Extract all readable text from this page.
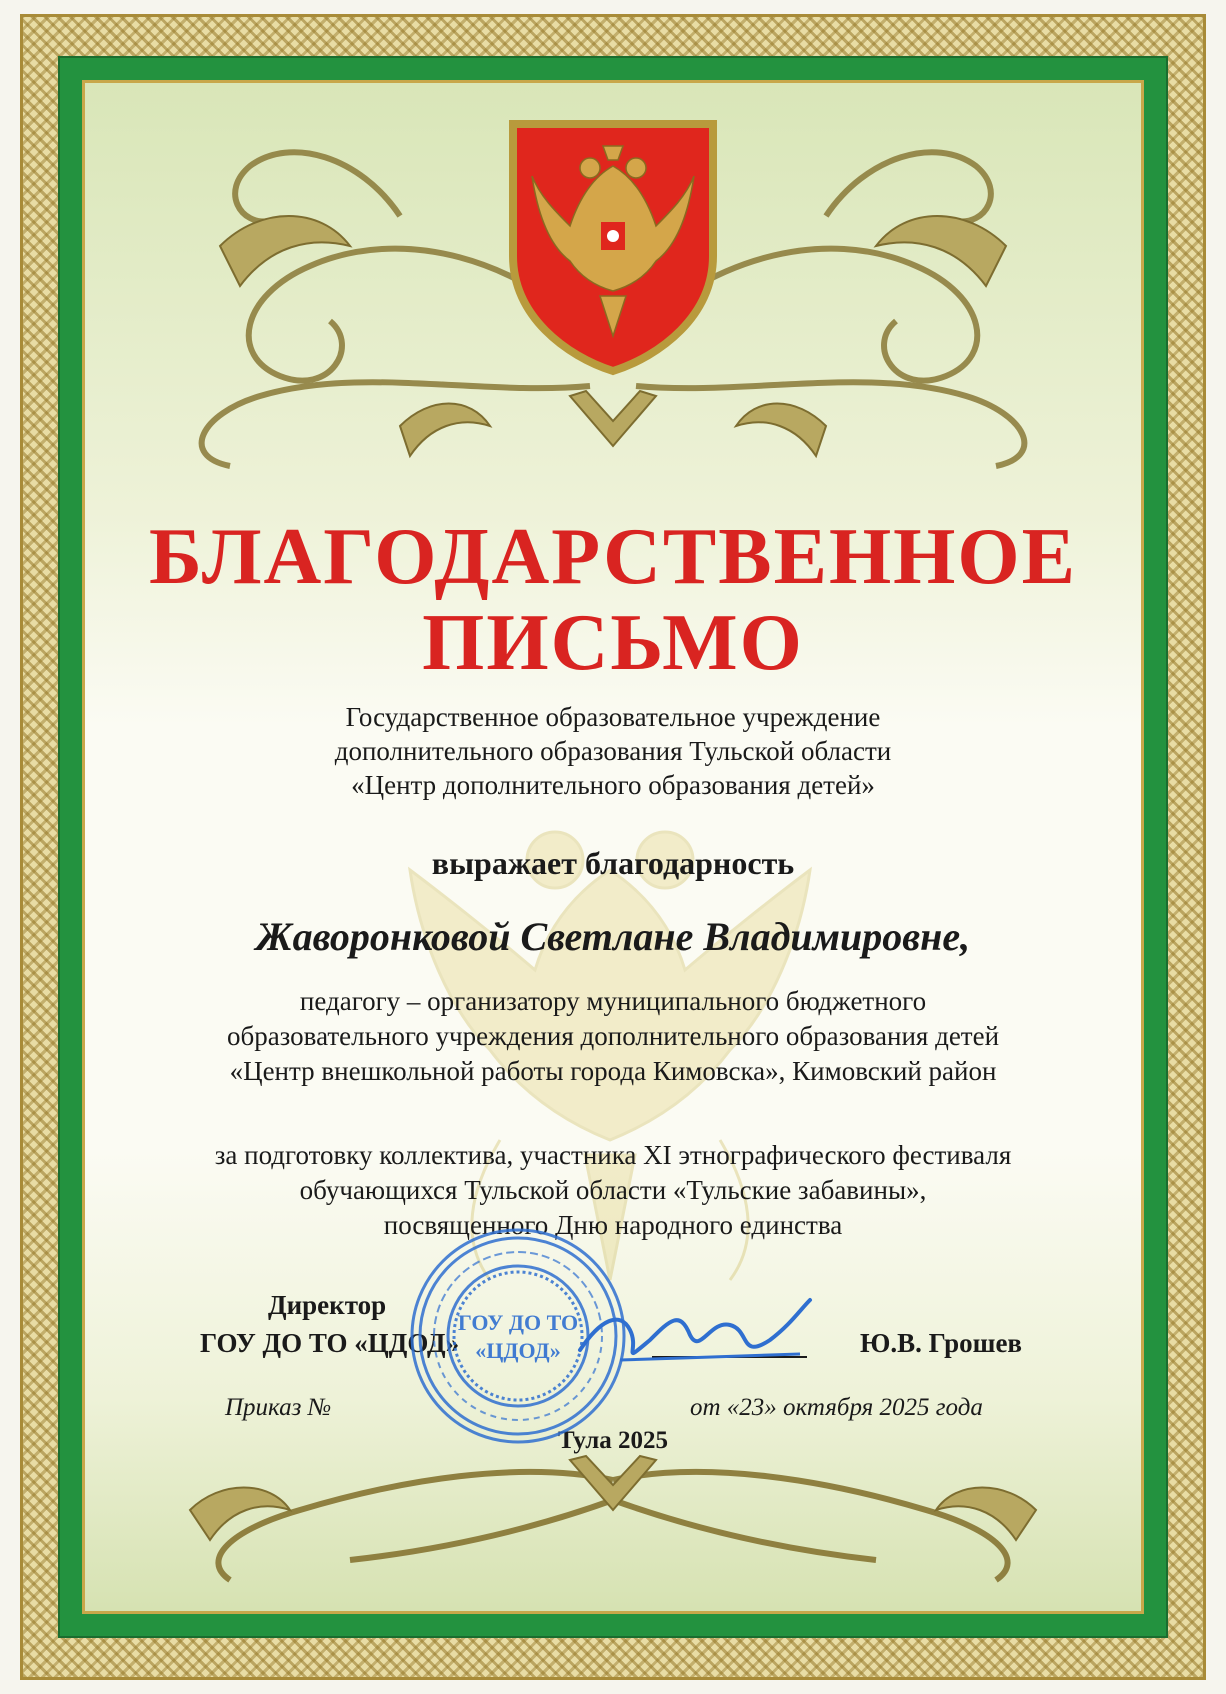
БЛАГОДАРСТВЕННОЕ
ПИСЬМО

Государственное образовательное учреждение

дополнительного образования Тульской области

«Центр дополнительного образования детей»

выражает благодарность

Жаворонковой Светлане Владимировне,

педагогу – организатору муниципального бюджетного

образовательного учреждения дополнительного образования детей

«Центр внешкольной работы города Кимовска», Кимовский район

за подготовку коллектива, участника XI этнографического фестиваля

обучающихся Тульской области «Тульские забавины»,

посвященного Дню народного единства

Директор

ГОУ ДО ТО «ЦДОД»	Ю.В. Грошев

Приказ №	от «23» октября 2025 года

Тула 2025

ГОУ ДО ТО
«ЦДОД»
